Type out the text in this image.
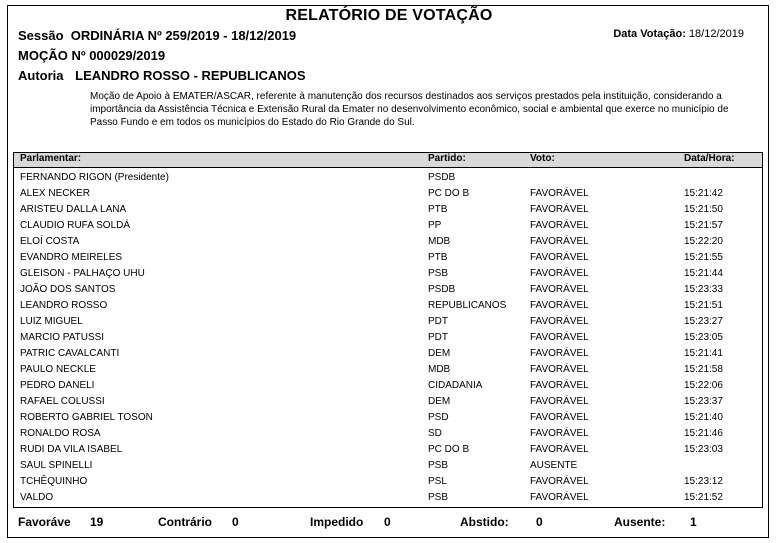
RELATÓRIO DE VOTAÇÃO
Sessão ORDINÁRIA Nº 259/2019 - 18/12/2019	Data Votação: 18/12/2019
MOÇÃO Nº 000029/2019
Autoria LEANDRO ROSSO - REPUBLICANOS
Moção de Apoio à EMATER/ASCAR, referente à manutenção dos recursos destinados aos serviços prestados pela instituição, considerando a importância da Assistência Técnica e Extensão Rural da Emater no desenvolvimento econômico, social e ambiental que exerce no município de Passo Fundo e em todos os municípios do Estado do Rio Grande do Sul.
Parlamentar:	Partido:	Voto:	Data/Hora:
FERNANDO RIGON (Presidente)	PSDB
ALEX NECKER	PC DO B	FAVORÁVEL	15:21:42
ARISTEU DALLA LANA	PTB	FAVORÁVEL	15:21:50
CLAUDIO RUFA SOLDÁ	PP	FAVORÁVEL	15:21:57
ELOÍ COSTA	MDB	FAVORÁVEL	15:22:20
EVANDRO MEIRELES	PTB	FAVORÁVEL	15:21:55
GLEISON - PALHAÇO UHU	PSB	FAVORÁVEL	15:21:44
JOÃO DOS SANTOS	PSDB	FAVORÁVEL	15:23:33
LEANDRO ROSSO	REPUBLICANOS FAVORÁVEL	15:21:51
LUIZ MIGUEL	PDT	FAVORÁVEL	15:23:27
MARCIO PATUSSI	PDT	FAVORÁVEL	15:23:05
PATRIC CAVALCANTI	DEM	FAVORÁVEL	15:21:41
PAULO NECKLE	MDB	FAVORÁVEL	15:21:58
PEDRO DANELI	CIDADANIA	FAVORÁVEL	15:22:06
RAFAEL COLUSSI	DEM	FAVORÁVEL	15:23:37
ROBERTO GABRIEL TOSON	PSD	FAVORÁVEL	15:21:40
RONALDO ROSA	SD	FAVORÁVEL	15:21:46
RUDI DA VILA ISABEL	PC DO B	FAVORÁVEL	15:23:03
SAUL SPINELLI	PSB	AUSENTE
TCHÊQUINHO	PSL	FAVORÁVEL	15:23:12
VALDO	PSB	FAVORÁVEL	15:21:52
Favoráve 19	Contrário 0	Impedido 0	Abstido: 0	Ausente: 1
